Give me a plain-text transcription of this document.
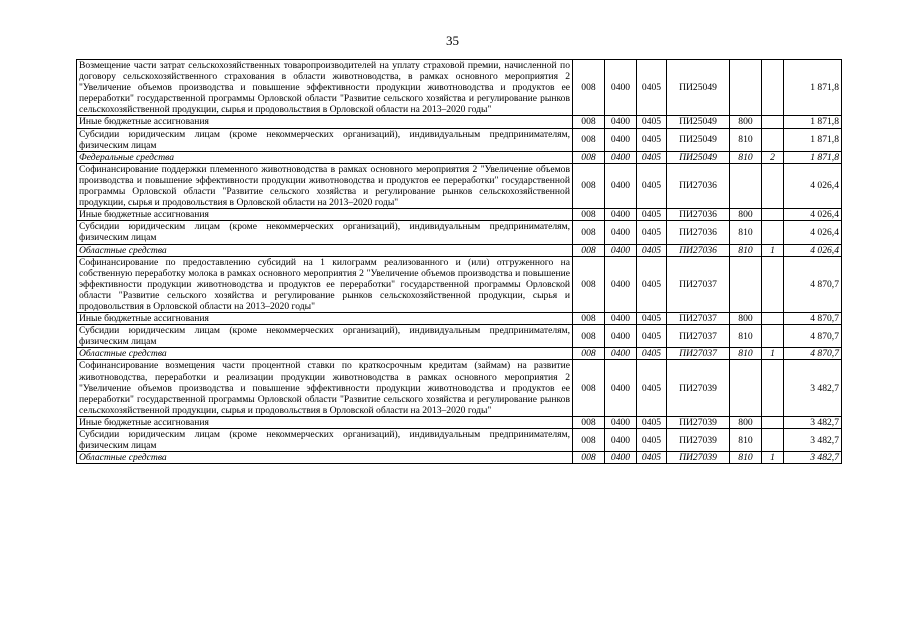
35
Возмещение части затрат сельскохозяйственных товаропроизводителей на уплату страховой премии, начисленной по договору сельскохозяйственного страхования в области животноводства, в рамках основного мероприятия 2 "Увеличение объемов производства и повышение эффективности продукции животноводства и продуктов ее переработки" государственной программы Орловской области "Развитие сельского хозяйства и регулирование рынков сельскохозяйственной продукции, сырья и продовольствия в Орловской области на 2013–2020 годы"	008	0400	0405	ПИ25049			1 871,8
Иные бюджетные ассигнования	008	0400	0405	ПИ25049	800		1 871,8
Субсидии юридическим лицам (кроме некоммерческих организаций), индивидуальным предпринимателям, физическим лицам	008	0400	0405	ПИ25049	810		1 871,8
Федеральные средства	008	0400	0405	ПИ25049	810	2	1 871,8
Софинансирование поддержки племенного животноводства в рамках основного мероприятия 2 "Увеличение объемов производства и повышение эффективности продукции животноводства и продуктов ее переработки" государственной программы Орловской области "Развитие сельского хозяйства и регулирование рынков сельскохозяйственной продукции, сырья и продовольствия в Орловской области на 2013–2020 годы"	008	0400	0405	ПИ27036			4 026,4
Иные бюджетные ассигнования	008	0400	0405	ПИ27036	800		4 026,4
Субсидии юридическим лицам (кроме некоммерческих организаций), индивидуальным предпринимателям, физическим лицам	008	0400	0405	ПИ27036	810		4 026,4
Областные средства	008	0400	0405	ПИ27036	810	1	4 026,4
Софинансирование по предоставлению субсидий на 1 килограмм реализованного и (или) отгруженного на собственную переработку молока в рамках основного мероприятия 2 "Увеличение объемов производства и повышение эффективности продукции животноводства и продуктов ее переработки" государственной программы Орловской области "Развитие сельского хозяйства и регулирование рынков сельскохозяйственной продукции, сырья и продовольствия в Орловской области на 2013–2020 годы"	008	0400	0405	ПИ27037			4 870,7
Иные бюджетные ассигнования	008	0400	0405	ПИ27037	800		4 870,7
Субсидии юридическим лицам (кроме некоммерческих организаций), индивидуальным предпринимателям, физическим лицам	008	0400	0405	ПИ27037	810		4 870,7
Областные средства	008	0400	0405	ПИ27037	810	1	4 870,7
Софинансирование возмещения части процентной ставки по краткосрочным кредитам (займам) на развитие животноводства, переработки и реализации продукции животноводства в рамках основного мероприятия 2 "Увеличение объемов производства и повышение эффективности продукции животноводства и продуктов ее переработки" государственной программы Орловской области "Развитие сельского хозяйства и регулирование рынков сельскохозяйственной продукции, сырья и продовольствия в Орловской области на 2013–2020 годы"	008	0400	0405	ПИ27039			3 482,7
Иные бюджетные ассигнования	008	0400	0405	ПИ27039	800		3 482,7
Субсидии юридическим лицам (кроме некоммерческих организаций), индивидуальным предпринимателям, физическим лицам	008	0400	0405	ПИ27039	810		3 482,7
Областные средства	008	0400	0405	ПИ27039	810	1	3 482,7
